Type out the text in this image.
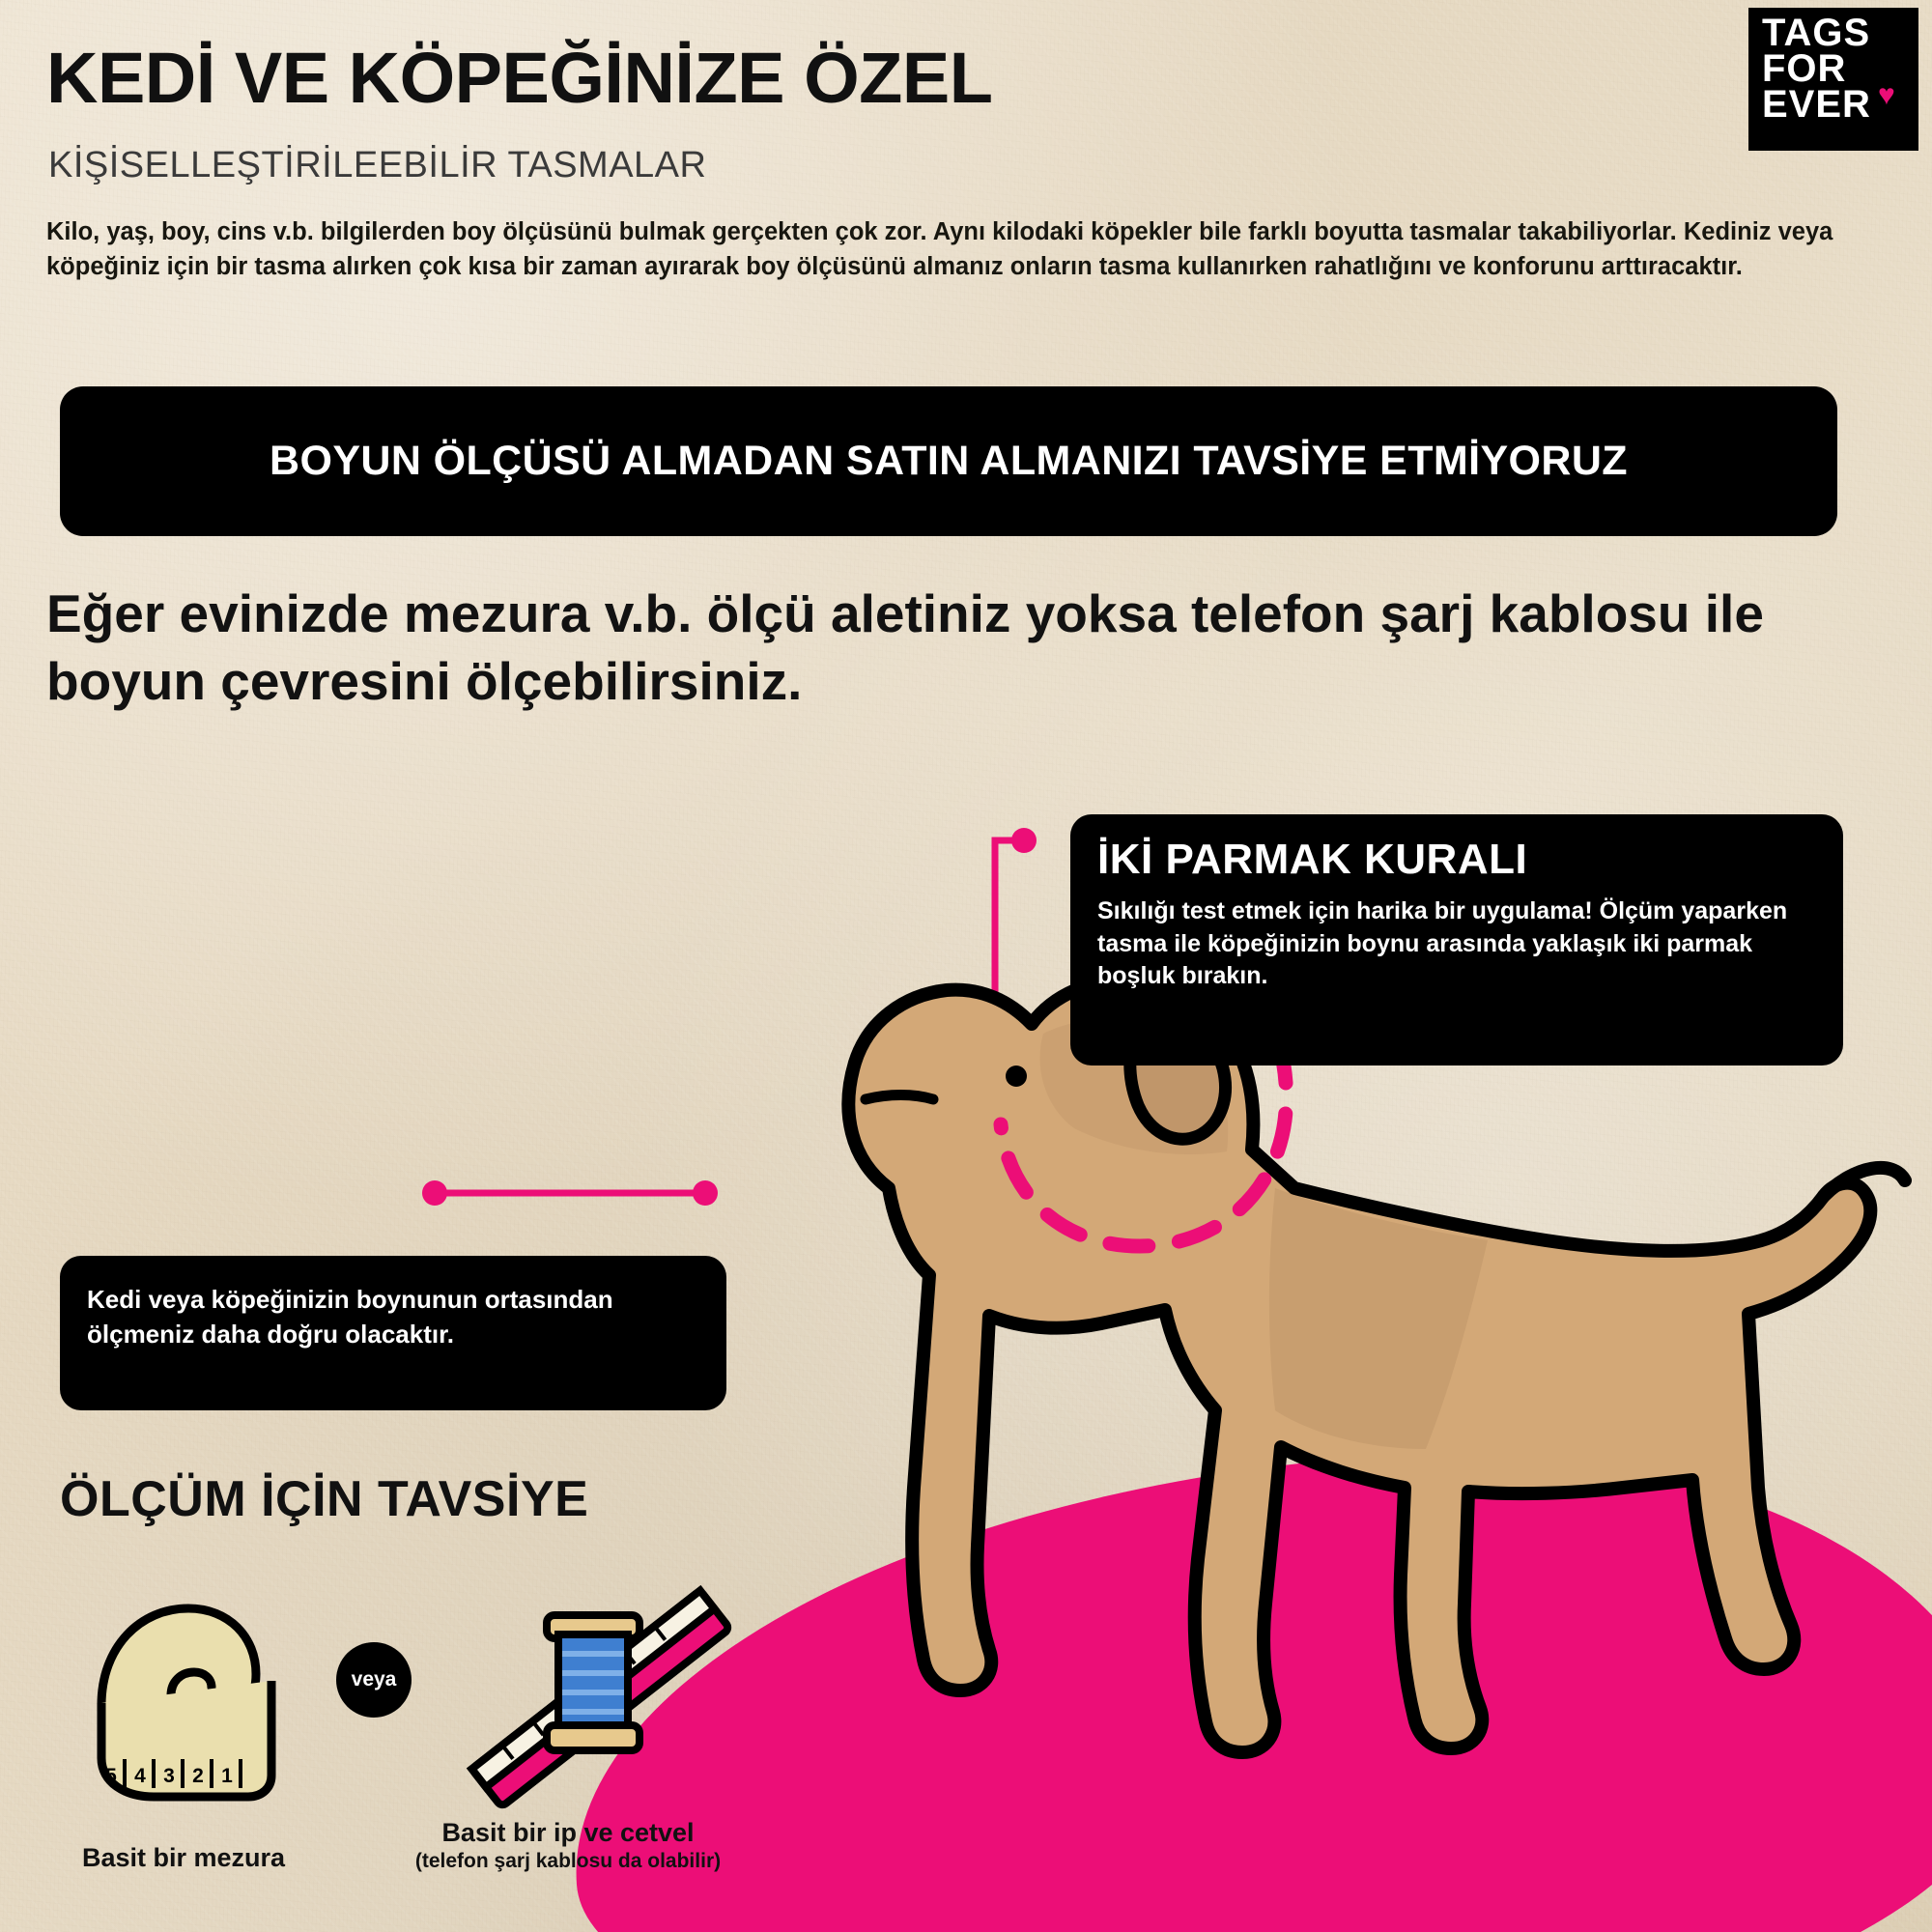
TAGS
FOR
EVER ♥
KEDİ VE KÖPEĞİNİZE ÖZEL
KİŞİSELLEŞTİRİLEEBİLİR TASMALAR
Kilo, yaş, boy, cins v.b. bilgilerden boy ölçüsünü bulmak gerçekten çok zor. Aynı kilodaki köpekler bile farklı boyutta tasmalar takabiliyorlar. Kediniz veya köpeğiniz için bir tasma alırken çok kısa bir zaman ayırarak boy ölçüsünü almanız onların tasma kullanırken rahatlığını ve konforunu arttıracaktır.
BOYUN ÖLÇÜSÜ ALMADAN SATIN ALMANIZI TAVSİYE ETMİYORUZ
Eğer evinizde mezura v.b. ölçü aletiniz yoksa telefon şarj kablosu ile boyun çevresini ölçebilirsiniz.
İKİ PARMAK KURALI
Sıkılığı test etmek için harika bir uygulama! Ölçüm yaparken tasma ile köpeğinizin boynu arasında yaklaşık iki parmak boşluk bırakın.
Kedi veya köpeğinizin boynunun ortasından ölçmeniz daha doğru olacaktır.
ÖLÇÜM İÇİN TAVSİYE
5 4 3 2 1
veya
Basit bir mezura
Basit bir ip ve cetvel
(telefon şarj kablosu da olabilir)
